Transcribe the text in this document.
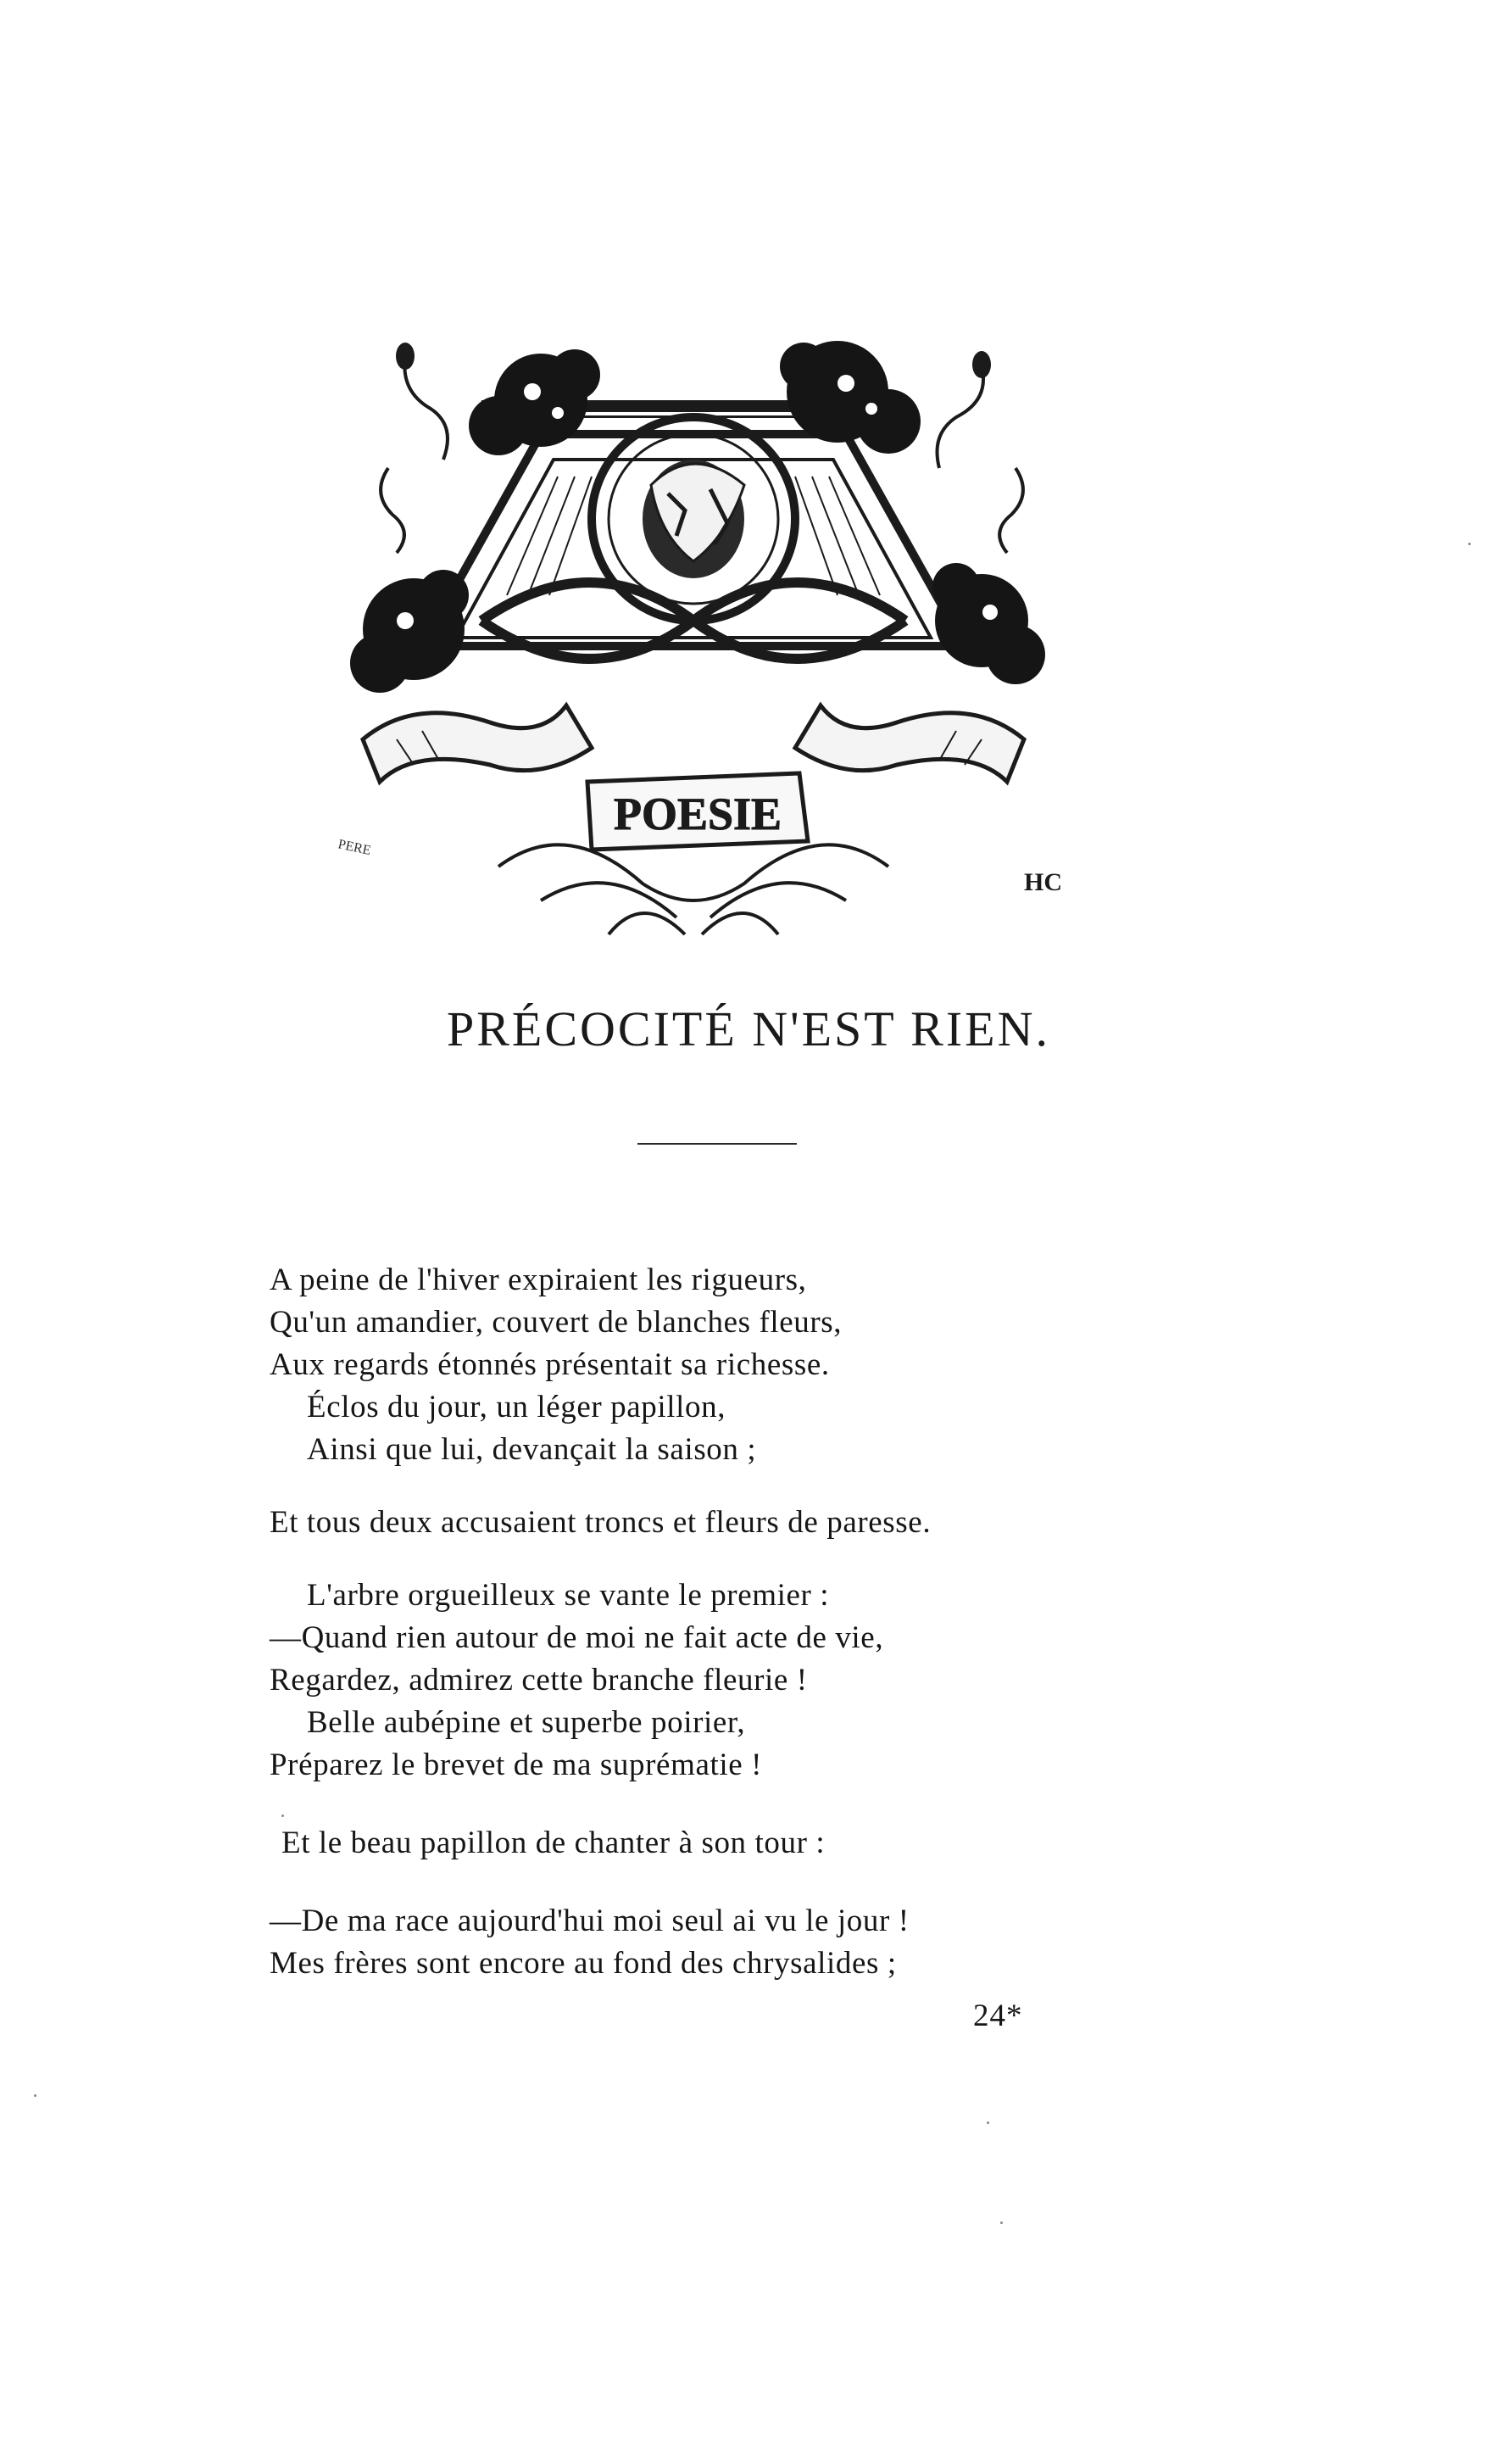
POESIE
PERE
HC
PRÉCOCITÉ N'EST RIEN.
A peine de l'hiver expiraient les rigueurs,
Qu'un amandier, couvert de blanches fleurs,
Aux regards étonnés présentait sa richesse.
Éclos du jour, un léger papillon,
Ainsi que lui, devançait la saison ;
Et tous deux accusaient troncs et fleurs de paresse.
L'arbre orgueilleux se vante le premier :
—Quand rien autour de moi ne fait acte de vie,
Regardez, admirez cette branche fleurie !
Belle aubépine et superbe poirier,
Préparez le brevet de ma suprématie !
Et le beau papillon de chanter à son tour :
—De ma race aujourd'hui moi seul ai vu le jour !
Mes frères sont encore au fond des chrysalides ;
24*
